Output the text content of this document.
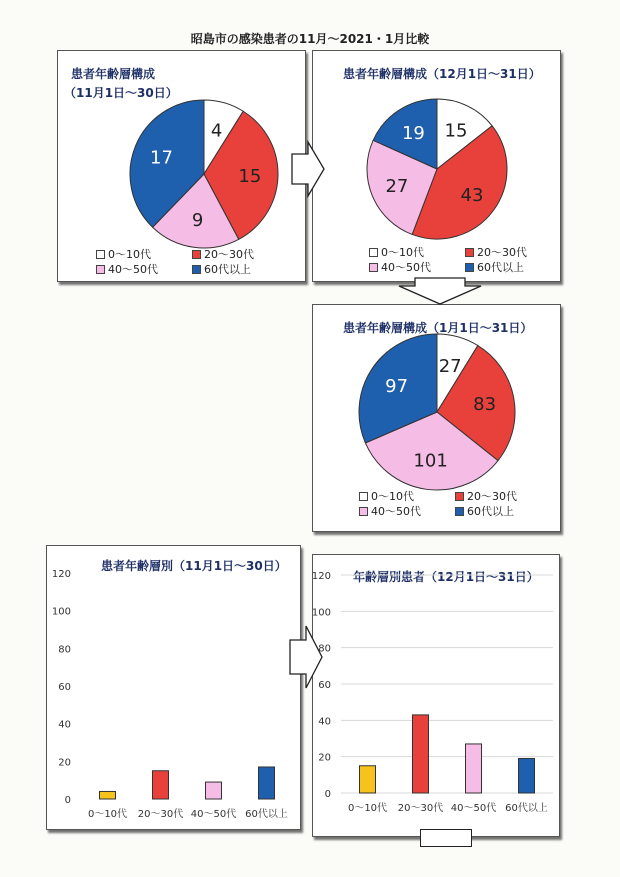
昭島市の感染患者の11月～2021・1月比較
患者年齢層構成
（11月1日～30日）
4
15
9
17
0～10代	20～30代
40～50代	60代以上
患者年齢層構成（12月1日～31日）
15
43
27
19
0～10代	20～30代
40～50代	60代以上
患者年齢層構成（1月1日～31日）
27
83
101
97
0～10代	20～30代
40～50代	60代以上
患者年齢層別（11月1日～30日）
0
20
40
60
80
100
120
0～10代 20～30代 40～50代 60代以上
年齢層別患者（12月1日～31日）
0
20
40
60
80
100
120
0～10代 20～30代 40～50代 60代以上
